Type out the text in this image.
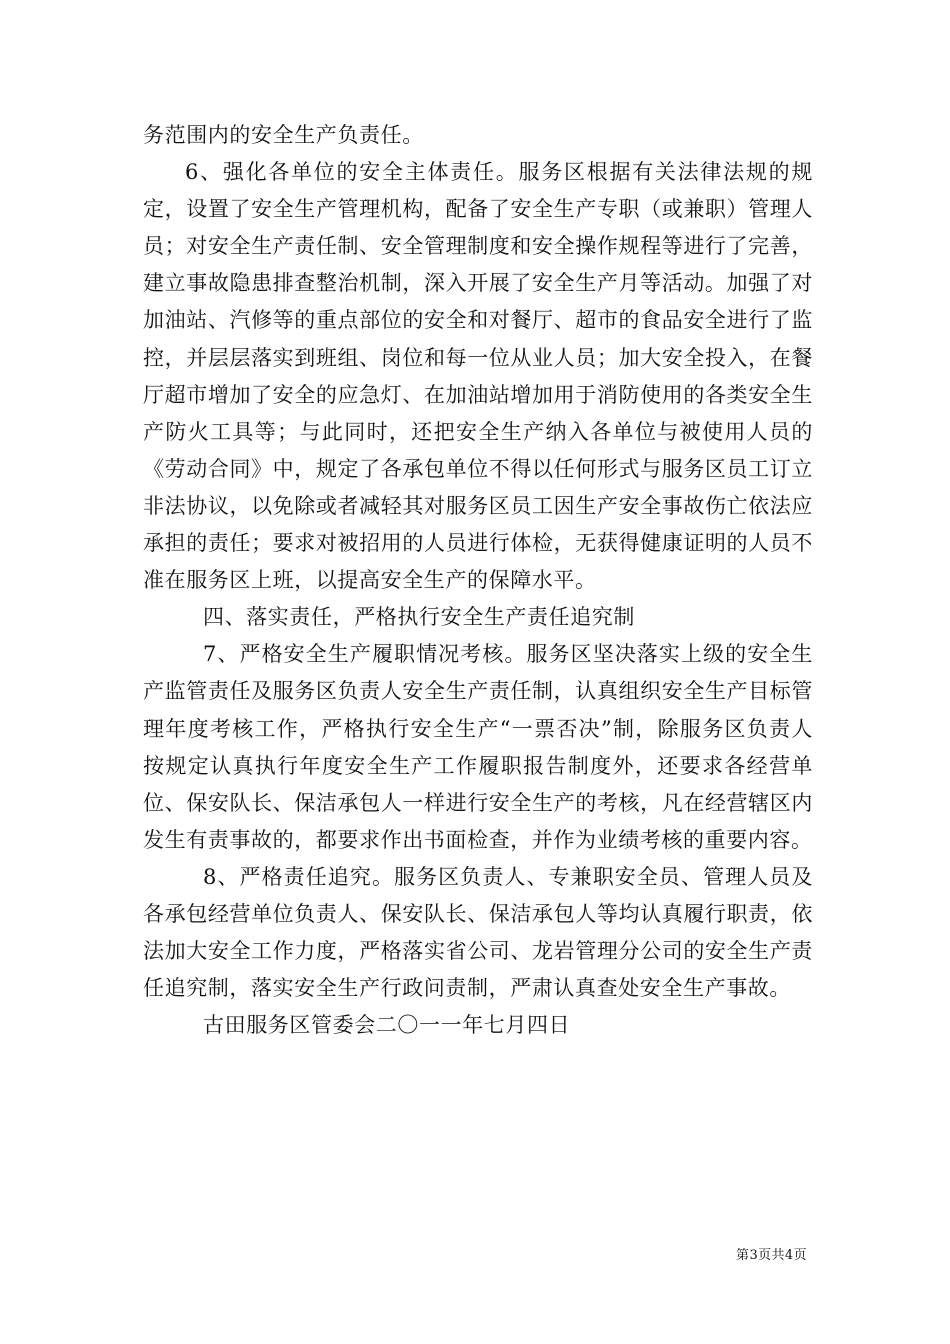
务范围内的安全生产负责任。

6、强化各单位的安全主体责任。服务区根据有关法律法规的规定，设置了安全生产管理机构，配备了安全生产专职（或兼职）管理人员；对安全生产责任制、安全管理制度和安全操作规程等进行了完善，建立事故隐患排查整治机制，深入开展了安全生产月等活动。加强了对加油站、汽修等的重点部位的安全和对餐厅、超市的食品安全进行了监控，并层层落实到班组、岗位和每一位从业人员；加大安全投入，在餐厅超市增加了安全的应急灯、在加油站增加用于消防使用的各类安全生产防火工具等；与此同时，还把安全生产纳入各单位与被使用人员的《劳动合同》中，规定了各承包单位不得以任何形式与服务区员工订立非法协议，以免除或者减轻其对服务区员工因生产安全事故伤亡依法应承担的责任；要求对被招用的人员进行体检，无获得健康证明的人员不准在服务区上班，以提高安全生产的保障水平。

四、落实责任，严格执行安全生产责任追究制

7、严格安全生产履职情况考核。服务区坚决落实上级的安全生产监管责任及服务区负责人安全生产责任制，认真组织安全生产目标管理年度考核工作，严格执行安全生产“一票否决”制，除服务区负责人按规定认真执行年度安全生产工作履职报告制度外，还要求各经营单位、保安队长、保洁承包人一样进行安全生产的考核，凡在经营辖区内发生有责事故的，都要求作出书面检查，并作为业绩考核的重要内容。

8、严格责任追究。服务区负责人、专兼职安全员、管理人员及各承包经营单位负责人、保安队长、保洁承包人等均认真履行职责，依法加大安全工作力度，严格落实省公司、龙岩管理分公司的安全生产责任追究制，落实安全生产行政问责制，严肃认真查处安全生产事故。

古田服务区管委会二〇一一年七月四日

第3页共4页
